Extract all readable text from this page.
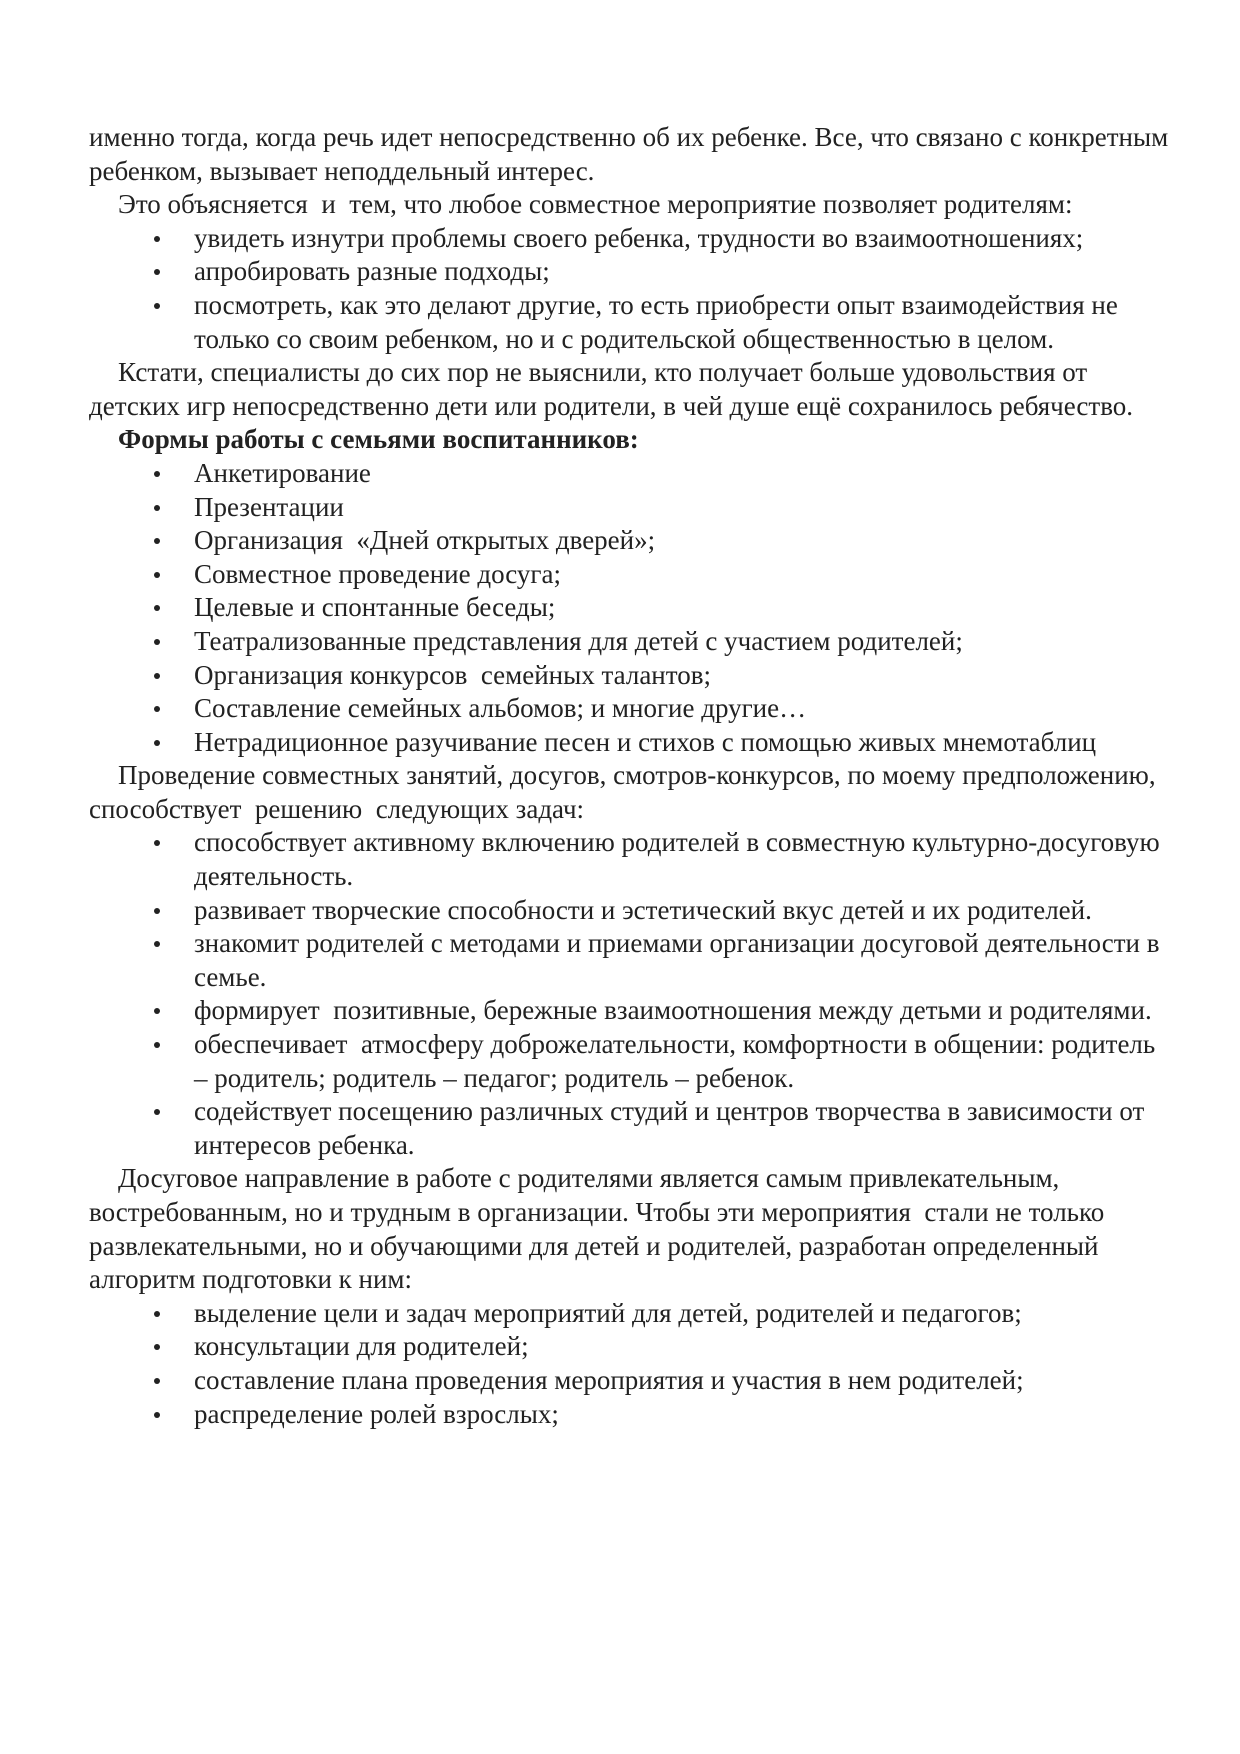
именно тогда, когда речь идет непосредственно об их ребенке. Все, что связано с конкретным ребенком, вызывает неподдельный интерес.

Это объясняется  и  тем, что любое совместное мероприятие позволяет родителям:

увидеть изнутри проблемы своего ребенка, трудности во взаимоотношениях;
апробировать разные подходы;
посмотреть, как это делают другие, то есть приобрести опыт взаимодействия не только со своим ребенком, но и с родительской общественностью в целом.

Кстати, специалисты до сих пор не выяснили, кто получает больше удовольствия от детских игр непосредственно дети или родители, в чей душе ещё сохранилось ребячество.

Формы работы с семьями воспитанников:

Анкетирование
Презентации
Организация  «Дней открытых дверей»;
Совместное проведение досуга;
Целевые и спонтанные беседы;
Театрализованные представления для детей с участием родителей;
Организация конкурсов  семейных талантов;
Составление семейных альбомов; и многие другие…
Нетрадиционное разучивание песен и стихов с помощью живых мнемотаблиц

Проведение совместных занятий, досугов, смотров-конкурсов, по моему предположению, способствует  решению  следующих задач:

способствует активному включению родителей в совместную культурно-досуговую деятельность.
развивает творческие способности и эстетический вкус детей и их родителей.
знакомит родителей с методами и приемами организации досуговой деятельности в семье.
формирует  позитивные, бережные взаимоотношения между детьми и родителями.
обеспечивает  атмосферу доброжелательности, комфортности в общении: родитель – родитель; родитель – педагог; родитель – ребенок.
содействует посещению различных студий и центров творчества в зависимости от интересов ребенка.

Досуговое направление в работе с родителями является самым привлекательным, востребованным, но и трудным в организации. Чтобы эти мероприятия  стали не только развлекательными, но и обучающими для детей и родителей, разработан определенный алгоритм подготовки к ним:

выделение цели и задач мероприятий для детей, родителей и педагогов;
консультации для родителей;
составление плана проведения мероприятия и участия в нем родителей;
распределение ролей взрослых;
